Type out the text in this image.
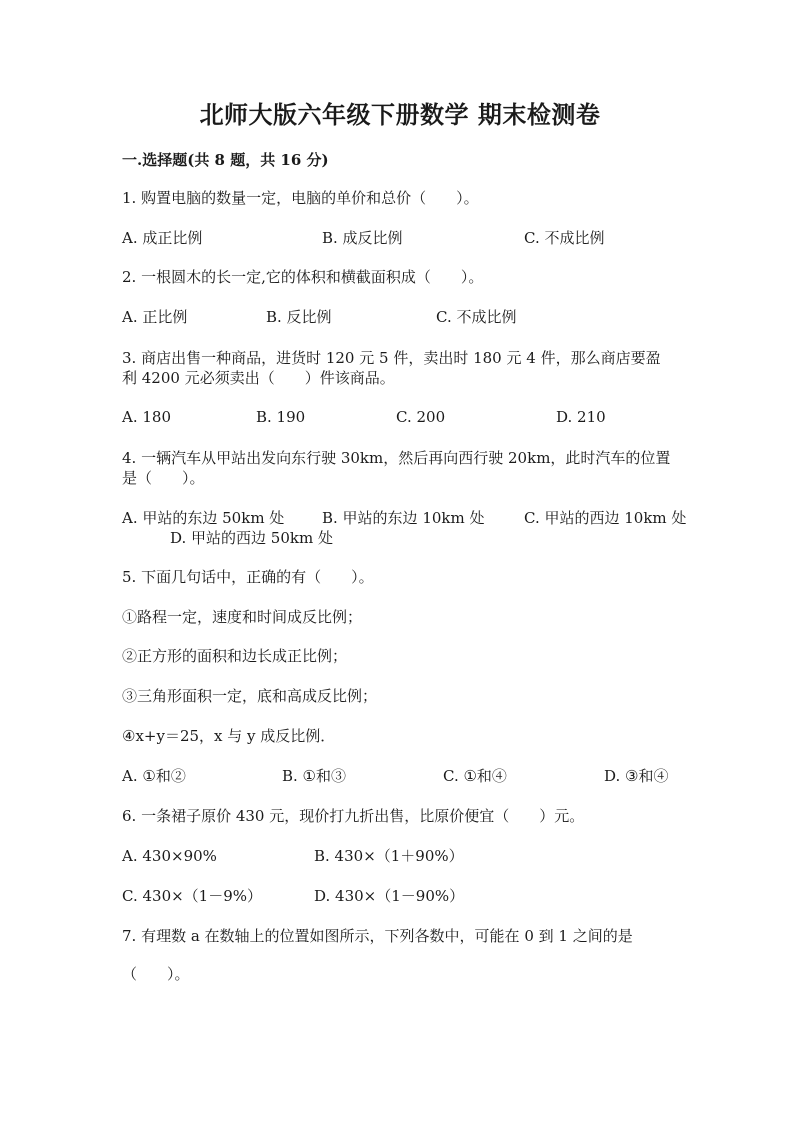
北师大版六年级下册数学 期末检测卷
一.选择题(共 8 题，共 16 分)
1. 购置电脑的数量一定，电脑的单价和总价（　　）。
A. 成正比例	B. 成反比例	C. 不成比例
2. 一根圆木的长一定,它的体积和横截面积成（　　）。
A. 正比例	B. 反比例	C. 不成比例
3. 商店出售一种商品，进货时 120 元 5 件，卖出时 180 元 4 件，那么商店要盈
利 4200 元必须卖出（　　）件该商品。
A. 180	B. 190	C. 200	D. 210
4. 一辆汽车从甲站出发向东行驶 30km，然后再向西行驶 20km，此时汽车的位置
是（　　）。
A. 甲站的东边 50km 处	B. 甲站的东边 10km 处	C. 甲站的西边 10km 处
D. 甲站的西边 50km 处
5. 下面几句话中，正确的有（　　）。
①路程一定，速度和时间成反比例；
②正方形的面积和边长成正比例；
③三角形面积一定，底和高成反比例；
④x+y＝25，x 与 y 成反比例．
A. ①和②	B. ①和③	C. ①和④	D. ③和④
6. 一条裙子原价 430 元，现价打九折出售，比原价便宜（　　）元。
A. 430×90%	B. 430×（1＋90%）
C. 430×（1－9%）	D. 430×（1－90%）
7. 有理数 a 在数轴上的位置如图所示，下列各数中，可能在 0 到 1 之间的是
（　　）。
